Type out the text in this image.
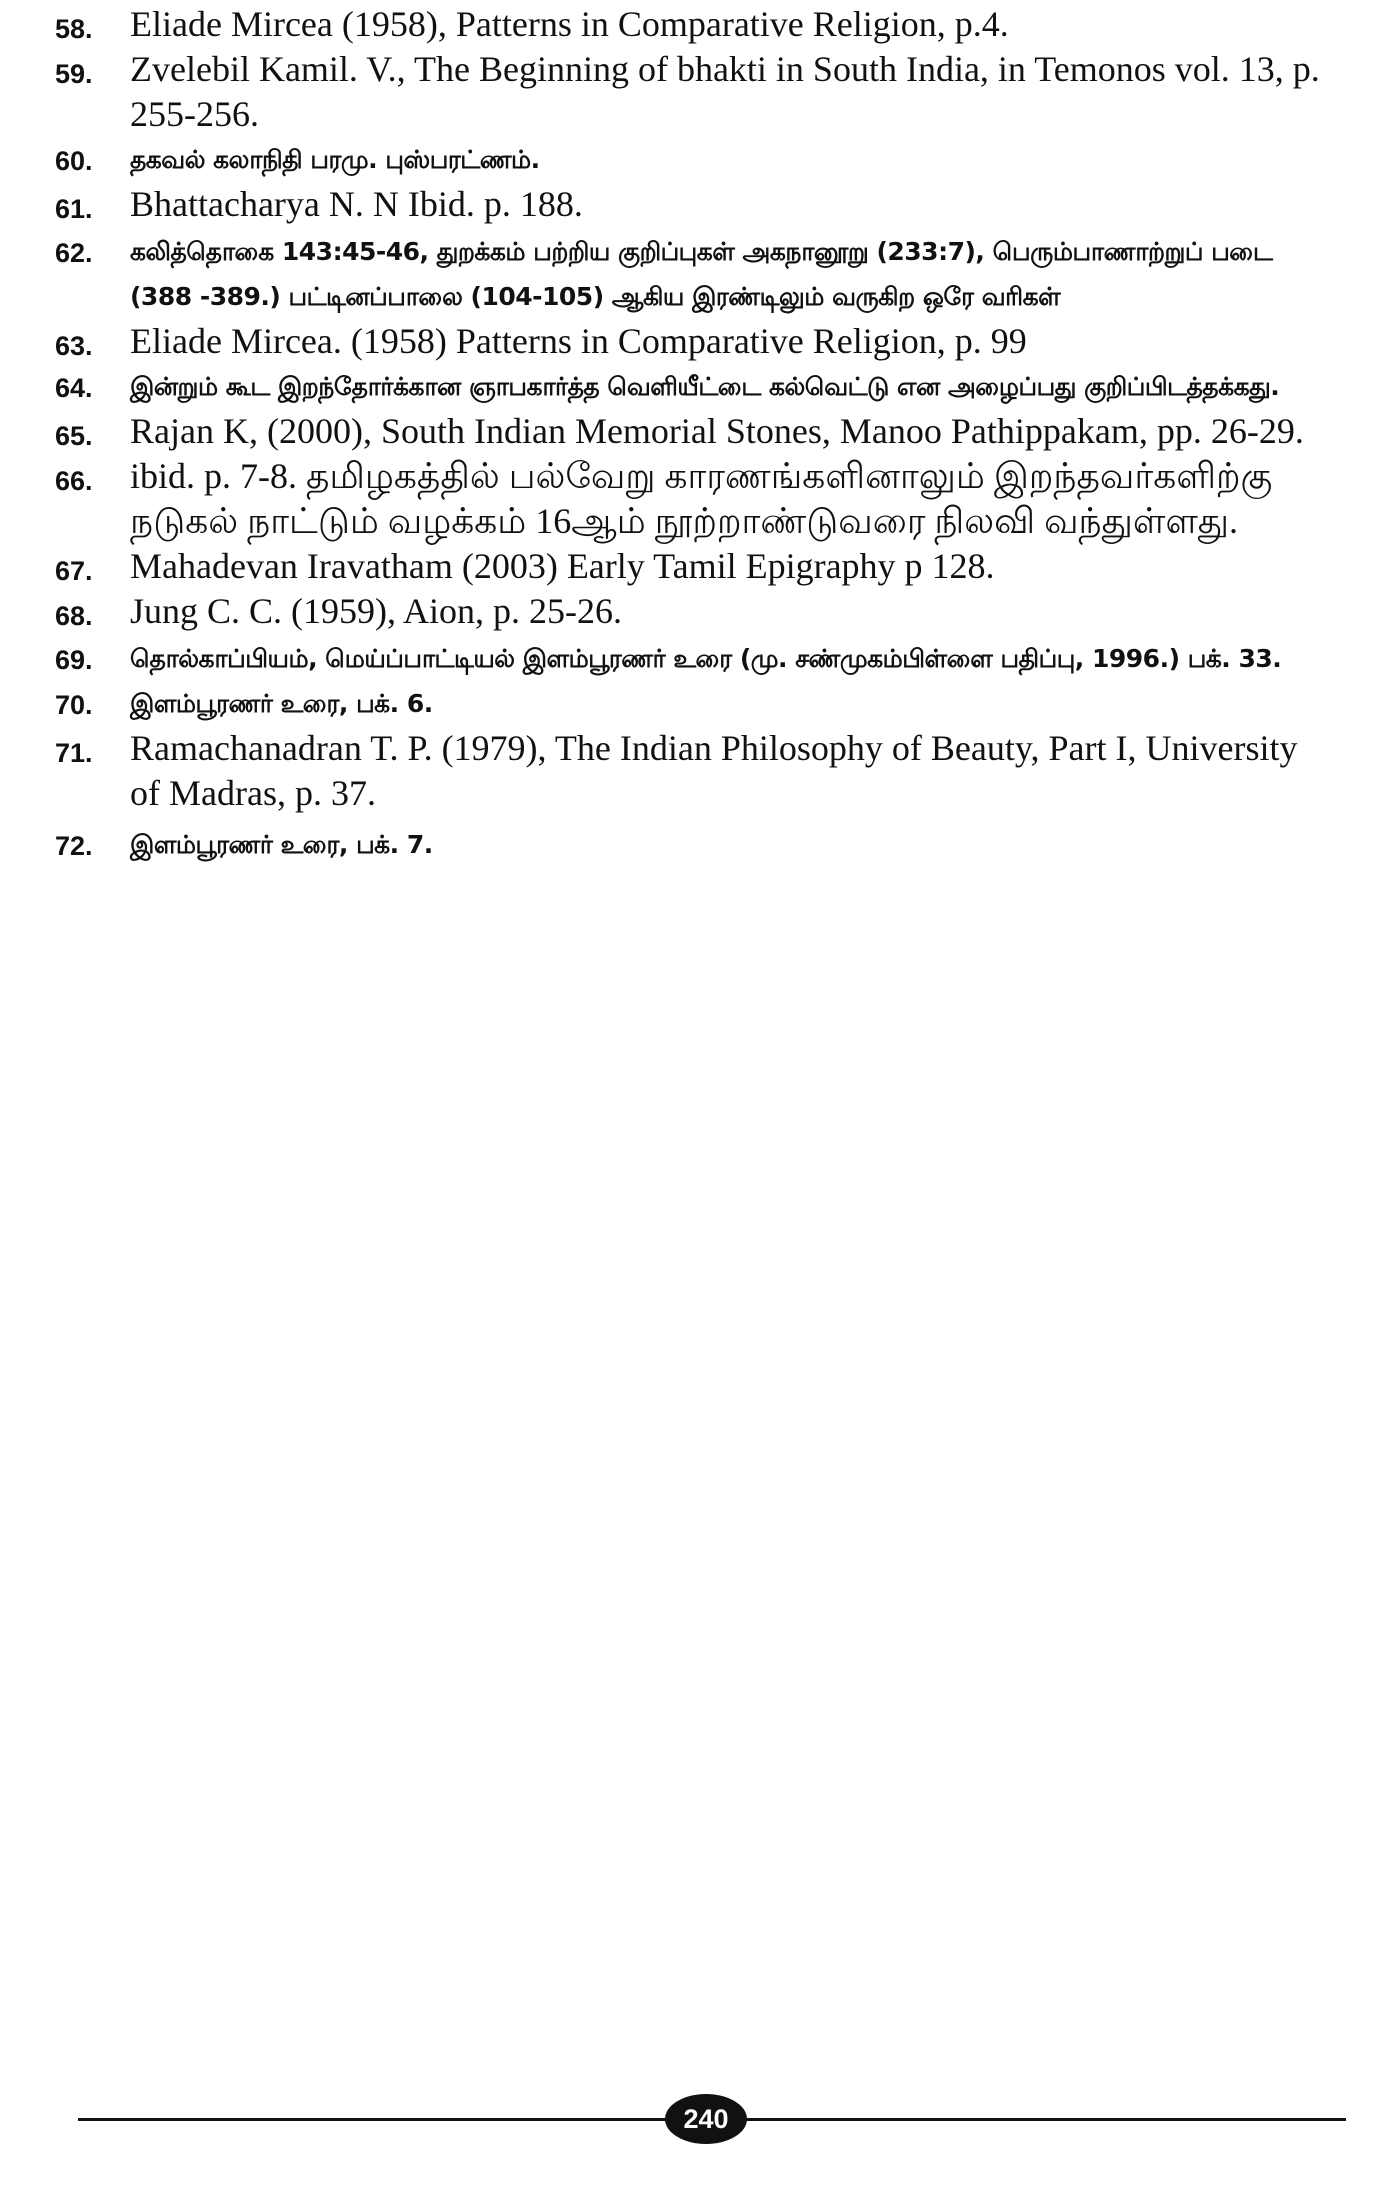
58.	Eliade Mircea (1958), Patterns in Comparative Religion, p.4.
59.	Zvelebil Kamil. V., The Beginning of bhakti in South India, in Temonos vol. 13, p. 255-256.
60.	தகவல் கலாநிதி பரமு. புஸ்பரட்ணம்.
61.	Bhattacharya N. N Ibid. p. 188.
62.	கலித்தொகை 143:45-46, துறக்கம் பற்றிய குறிப்புகள் அகநானூறு (233:7), பெரும்பாணாற்றுப் படை (388 -389.) பட்டினப்பாலை (104-105) ஆகிய இரண்டிலும் வருகிற ஒரே வரிகள்
63.	Eliade Mircea. (1958) Patterns in Comparative Religion, p. 99
64.	இன்றும் கூட இறந்தோர்க்கான ஞாபகார்த்த வெளியீட்டை கல்வெட்டு என அழைப்பது குறிப்பிடத்தக்கது.
65.	Rajan K, (2000), South Indian Memorial Stones, Manoo Pathippakam, pp. 26-29.
66.	ibid. p. 7-8. தமிழகத்தில் பல்வேறு காரணங்களினாலும் இறந்தவர்களிற்கு நடுகல் நாட்டும் வழக்கம் 16ஆம் நூற்றாண்டுவரை நிலவி வந்துள்ளது.
67.	Mahadevan Iravatham (2003) Early Tamil Epigraphy p 128.
68.	Jung C. C. (1959), Aion, p. 25-26.
69.	தொல்காப்பியம், மெய்ப்பாட்டியல் இளம்பூரணர் உரை (மு. சண்முகம்பிள்ளை பதிப்பு, 1996.) பக். 33.
70.	இளம்பூரணர் உரை, பக். 6.
71.	Ramachanadran T. P. (1979), The Indian Philosophy of Beauty, Part I, University of Madras, p. 37.
72.	இளம்பூரணர் உரை, பக். 7.
240
